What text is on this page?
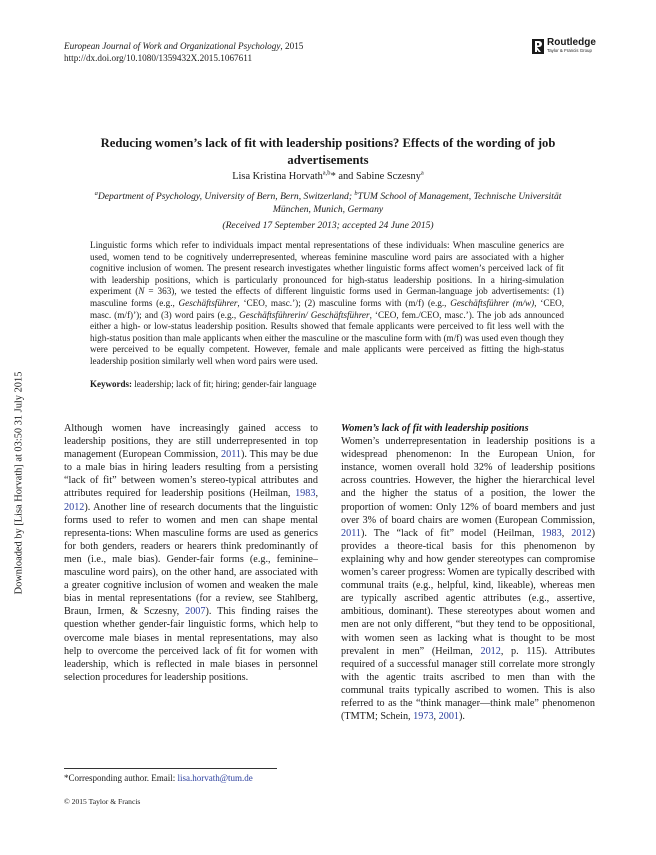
European Journal of Work and Organizational Psychology, 2015
http://dx.doi.org/10.1080/1359432X.2015.1067611
Routledge
Taylor & Francis Group
Reducing women’s lack of fit with leadership positions? Effects of the wording of job advertisements
Lisa Kristina Horvath$^{a,b}$* and Sabine Sczesny$^a$
$^a$Department of Psychology, University of Bern, Bern, Switzerland; $^b$TUM School of Management, Technische Universität München, Munich, Germany
(Received 17 September 2013; accepted 24 June 2015)
Linguistic forms which refer to individuals impact mental representations of these individuals: When masculine generics are used, women tend to be cognitively underrepresented, whereas feminine masculine word pairs are associated with a higher cognitive inclusion of women. The present research investigates whether linguistic forms affect women’s perceived lack of fit with leadership positions, which is particularly pronounced for high-status leadership positions. In a hiring-simulation experiment (N = 363), we tested the effects of different linguistic forms used in German-language job advertisements: (1) masculine forms (e.g., Geschäftsführer, ‘CEO, masc.’); (2) masculine forms with (m/f) (e.g., Geschäftsführer (m/w), ‘CEO, masc. (m/f)’); and (3) word pairs (e.g., Geschäftsführerin/ Geschäftsführer, ‘CEO, fem./CEO, masc.’). The job ads announced either a high- or low-status leadership position. Results showed that female applicants were perceived to fit less well with the high-status position than male applicants when either the masculine or the masculine form with (m/f) was used even though they were perceived to be equally competent. However, female and male applicants were perceived as fitting the high-status leadership position similarly well when word pairs were used.
Keywords: leadership; lack of fit; hiring; gender-fair language

Although women have increasingly gained access to leadership positions, they are still underrepresented in top management (European Commission, 2011). This may be due to a male bias in hiring leaders resulting from a persisting “lack of fit” between women’s stereo-typical attributes and attributes required for leadership positions (Heilman, 1983, 2012). Another line of research documents that the linguistic forms used to refer to women and men can shape mental representa-tions: When masculine forms are used as generics for both genders, readers or hearers think predominantly of men (i.e., male bias). Gender-fair forms (e.g., feminine–masculine word pairs), on the other hand, are associated with a greater cognitive inclusion of women and weaken the male bias in mental representations (for a review, see Stahlberg, Braun, Irmen, & Sczesny, 2007). This finding raises the question whether gender-fair linguistic forms, which help to overcome male biases in mental representations, may also help to overcome the perceived lack of fit for women with leadership, which is reflected in male biases in personnel selection procedures for leadership positions.

Women’s lack of fit with leadership positions

Women’s underrepresentation in leadership positions is a widespread phenomenon: In the European Union, for instance, women overall hold 32% of leadership positions across countries. However, the higher the hierarchical level and the higher the status of a position, the lower the proportion of women: Only 12% of board members and just over 3% of board chairs are women (European Commission, 2011). The “lack of fit” model (Heilman, 1983, 2012) provides a theore-tical basis for this phenomenon by explaining why and how gender stereotypes can compromise women’s career progress: Women are typically described with communal traits (e.g., helpful, kind, likeable), whereas men are typically ascribed agentic attributes (e.g., assertive, ambitious, dominant). These stereotypes about women and men are not only different, “but they tend to be oppositional, with women seen as lacking what is thought to be most prevalent in men” (Heilman, 2012, p. 115). Attributes required of a successful manager still correlate more strongly with the agentic traits ascribed to men than with the communal traits typically ascribed to women. This is also referred to as the “think manager—think male” phenomenon (TMTM; Schein, 1973, 2001).

Downloaded by [Lisa Horvath] at 03:50 31 July 2015
*Corresponding author. Email: lisa.horvath@tum.de
© 2015 Taylor & Francis
